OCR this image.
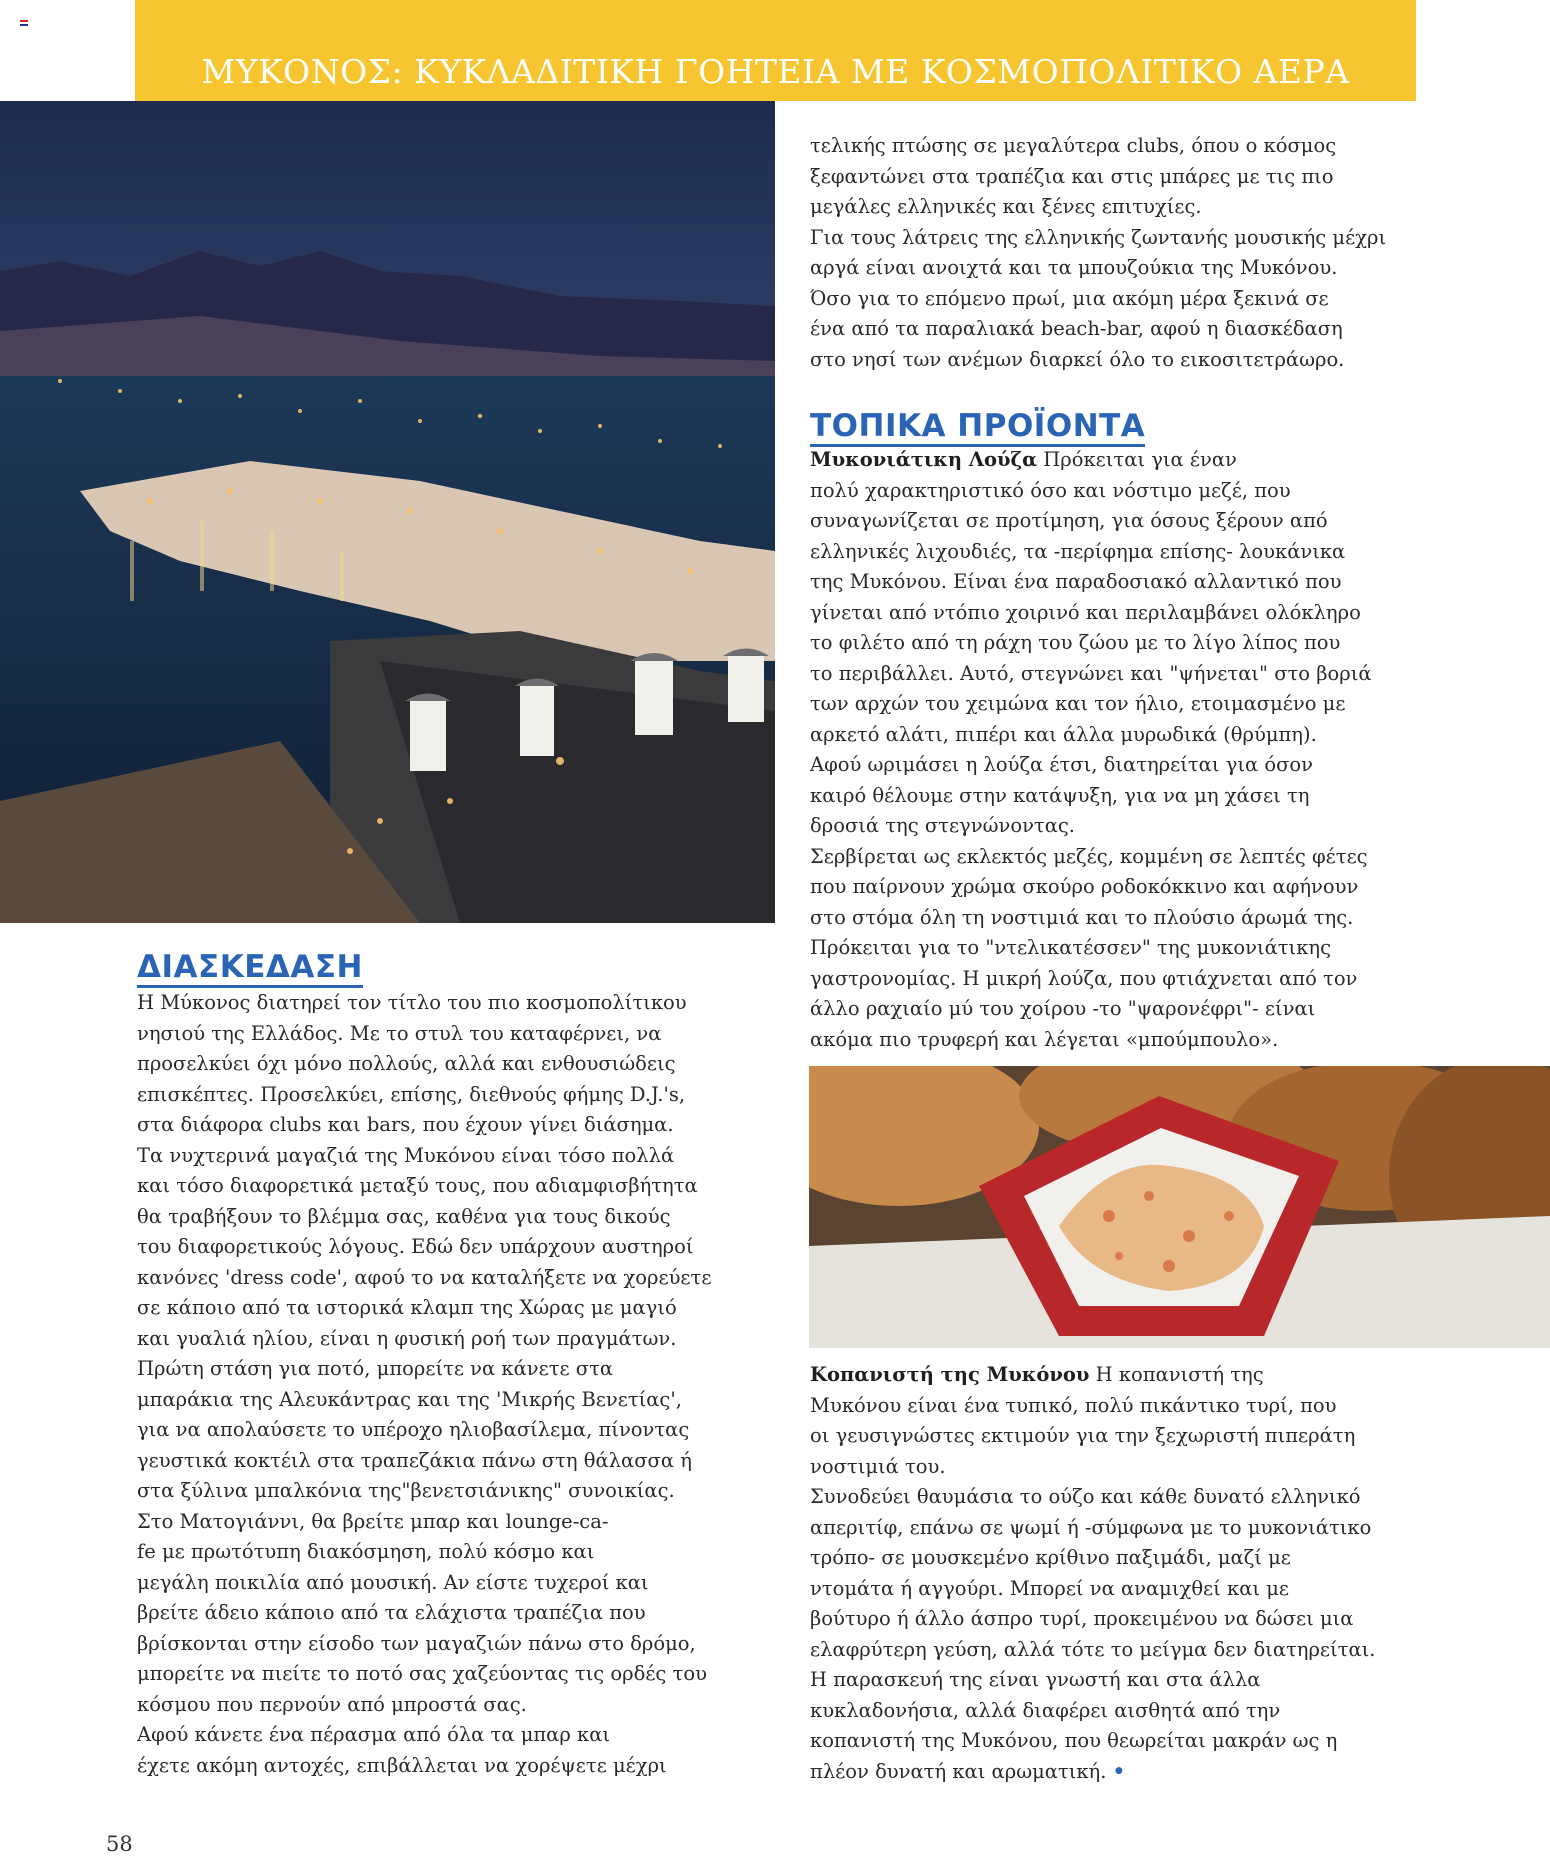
ΜΥΚΟΝΟΣ: ΚΥΚΛΑΔΙΤΙΚΗ ΓΟΗΤΕΙΑ ΜΕ ΚΟΣΜΟΠΟΛΙΤΙΚΟ ΑΕΡΑ
ΔΙΑΣΚΕΔΑΣΗ

Η Μύκονος διατηρεί τον τίτλο του πιο κοσμοπολίτικου
νησιού της Ελλάδος. Με το στυλ του καταφέρνει, να
προσελκύει όχι μόνο πολλούς, αλλά και ενθουσιώδεις
επισκέπτες. Προσελκύει, επίσης, διεθνούς φήμης D.J.'s,
στα διάφορα clubs και bars, που έχουν γίνει διάσημα.
Τα νυχτερινά μαγαζιά της Μυκόνου είναι τόσο πολλά
και τόσο διαφορετικά μεταξύ τους, που αδιαμφισβήτητα
θα τραβήξουν το βλέμμα σας, καθένα για τους δικούς
του διαφορετικούς λόγους. Εδώ δεν υπάρχουν αυστηροί
κανόνες 'dress code', αφού το να καταλήξετε να χορεύετε
σε κάποιο από τα ιστορικά κλαμπ της Χώρας με μαγιό
και γυαλιά ηλίου, είναι η φυσική ροή των πραγμάτων.
Πρώτη στάση για ποτό, μπορείτε να κάνετε στα
μπαράκια της Αλευκάντρας και της 'Μικρής Βενετίας',
για να απολαύσετε το υπέροχο ηλιοβασίλεμα, πίνοντας
γευστικά κοκτέιλ στα τραπεζάκια πάνω στη θάλασσα ή
στα ξύλινα μπαλκόνια της"βενετσιάνικης" συνοικίας.
Στο Ματογιάννι, θα βρείτε μπαρ και lounge-ca-
fe με πρωτότυπη διακόσμηση, πολύ κόσμο και
μεγάλη ποικιλία από μουσική. Αν είστε τυχεροί και
βρείτε άδειο κάποιο από τα ελάχιστα τραπέζια που
βρίσκονται στην είσοδο των μαγαζιών πάνω στο δρόμο,
μπορείτε να πιείτε το ποτό σας χαζεύοντας τις ορδές του
κόσμου που περνούν από μπροστά σας.
Αφού κάνετε ένα πέρασμα από όλα τα μπαρ και
έχετε ακόμη αντοχές, επιβάλλεται να χορέψετε μέχρι

τελικής πτώσης σε μεγαλύτερα clubs, όπου ο κόσμος
ξεφαντώνει στα τραπέζια και στις μπάρες με τις πιο
μεγάλες ελληνικές και ξένες επιτυχίες.
Για τους λάτρεις της ελληνικής ζωντανής μουσικής μέχρι
αργά είναι ανοιχτά και τα μπουζούκια της Μυκόνου.
Όσο για το επόμενο πρωί, μια ακόμη μέρα ξεκινά σε
ένα από τα παραλιακά beach-bar, αφού η διασκέδαση
στο νησί των ανέμων διαρκεί όλο το εικοσιτετράωρο.

ΤΟΠΙΚΑ ΠΡΟΪΟΝΤΑ

Μυκονιάτικη Λούζα Πρόκειται για έναν
πολύ χαρακτηριστικό όσο και νόστιμο μεζέ, που
συναγωνίζεται σε προτίμηση, για όσους ξέρουν από
ελληνικές λιχουδιές, τα -περίφημα επίσης- λουκάνικα
της Μυκόνου. Είναι ένα παραδοσιακό αλλαντικό που
γίνεται από ντόπιο χοιρινό και περιλαμβάνει ολόκληρο
το φιλέτο από τη ράχη του ζώου με το λίγο λίπος που
το περιβάλλει. Αυτό, στεγνώνει και "ψήνεται" στο βοριά
των αρχών του χειμώνα και τον ήλιο, ετοιμασμένο με
αρκετό αλάτι, πιπέρι και άλλα μυρωδικά (θρύμπη).
Αφού ωριμάσει η λούζα έτσι, διατηρείται για όσον
καιρό θέλουμε στην κατάψυξη, για να μη χάσει τη
δροσιά της στεγνώνοντας.
Σερβίρεται ως εκλεκτός μεζές, κομμένη σε λεπτές φέτες
που παίρνουν χρώμα σκούρο ροδοκόκκινο και αφήνουν
στο στόμα όλη τη νοστιμιά και το πλούσιο άρωμά της.
Πρόκειται για το "ντελικατέσσεν" της μυκονιάτικης
γαστρονομίας. Η μικρή λούζα, που φτιάχνεται από τον
άλλο ραχιαίο μύ του χοίρου -το "ψαρονέφρι"- είναι
ακόμα πιο τρυφερή και λέγεται «μπούμπουλο».

Κοπανιστή της Μυκόνου Η κοπανιστή της
Μυκόνου είναι ένα τυπικό, πολύ πικάντικο τυρί, που
οι γευσιγνώστες εκτιμούν για την ξεχωριστή πιπεράτη
νοστιμιά του.
Συνοδεύει θαυμάσια το ούζο και κάθε δυνατό ελληνικό
απεριτίφ, επάνω σε ψωμί ή -σύμφωνα με το μυκονιάτικο
τρόπο- σε μουσκεμένο κρίθινο παξιμάδι, μαζί με
ντομάτα ή αγγούρι. Μπορεί να αναμιχθεί και με
βούτυρο ή άλλο άσπρο τυρί, προκειμένου να δώσει μια
ελαφρύτερη γεύση, αλλά τότε το μείγμα δεν διατηρείται.
Η παρασκευή της είναι γνωστή και στα άλλα
κυκλαδονήσια, αλλά διαφέρει αισθητά από την
κοπανιστή της Μυκόνου, που θεωρείται μακράν ως η
πλέον δυνατή και αρωματική. •

58
